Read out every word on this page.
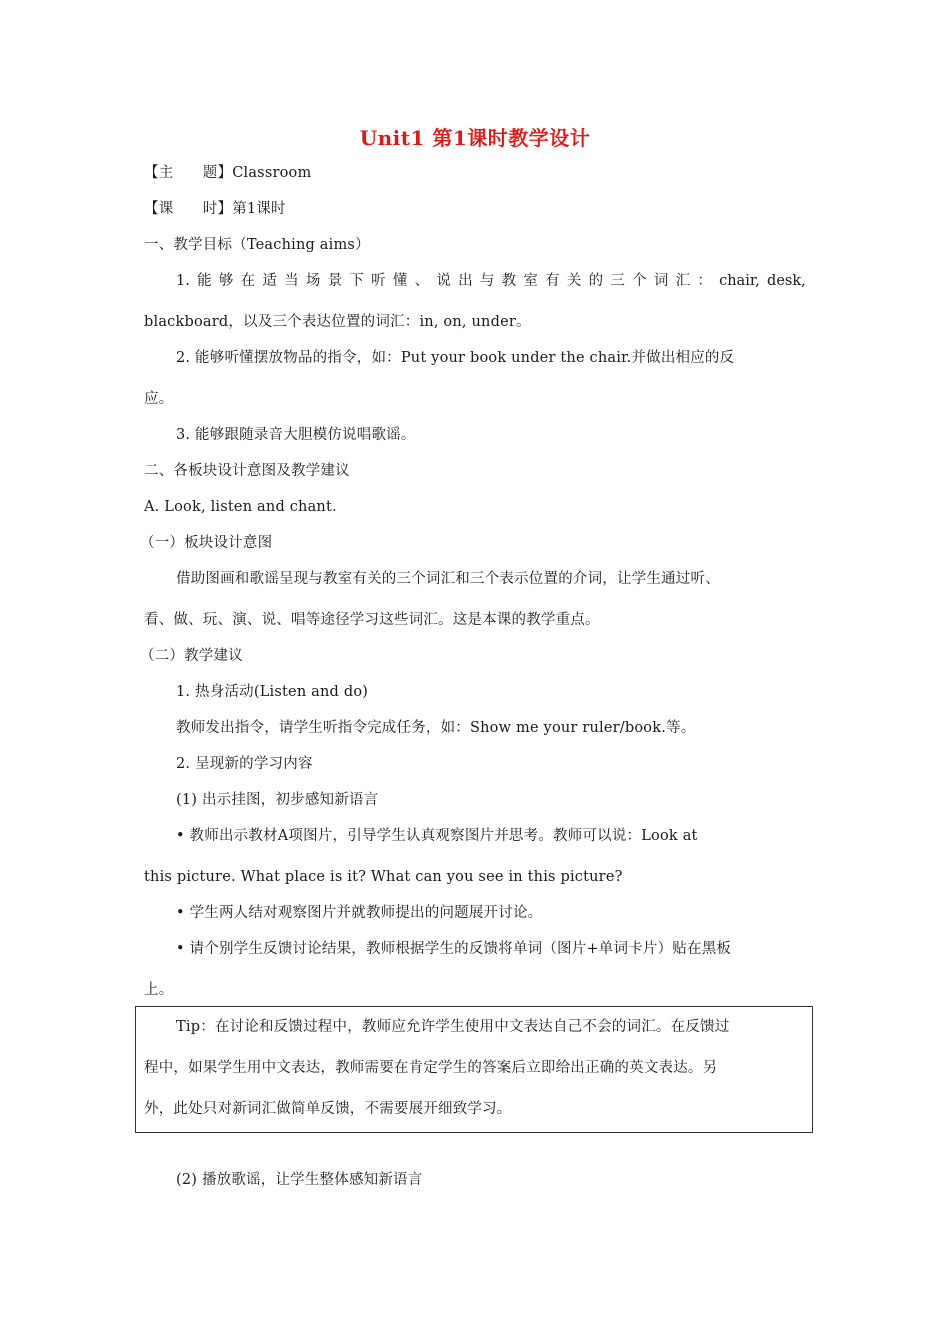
Unit1 第1课时教学设计
【主　　题】Classroom
【课　　时】第1课时
一、教学目标（Teaching aims）
1. 能 够 在 适 当 场 景 下 听 懂 、 说 出 与 教 室 有 关 的 三 个 词 汇 ： chair, desk,
blackboard，以及三个表达位置的词汇：in, on, under。
2. 能够听懂摆放物品的指令，如：Put your book under the chair.并做出相应的反
应。
3. 能够跟随录音大胆模仿说唱歌谣。
二、各板块设计意图及教学建议
A. Look, listen and chant.
（一）板块设计意图
借助图画和歌谣呈现与教室有关的三个词汇和三个表示位置的介词，让学生通过听、
看、做、玩、演、说、唱等途径学习这些词汇。这是本课的教学重点。
（二）教学建议
1. 热身活动(Listen and do)
教师发出指令，请学生听指令完成任务，如：Show me your ruler/book.等。
2. 呈现新的学习内容
(1) 出示挂图，初步感知新语言
• 教师出示教材A项图片，引导学生认真观察图片并思考。教师可以说：Look at
this picture. What place is it? What can you see in this picture?
• 学生两人结对观察图片并就教师提出的问题展开讨论。
• 请个别学生反馈讨论结果，教师根据学生的反馈将单词（图片+单词卡片）贴在黑板
上。
Tip：在讨论和反馈过程中，教师应允许学生使用中文表达自己不会的词汇。在反馈过
程中，如果学生用中文表达，教师需要在肯定学生的答案后立即给出正确的英文表达。另
外，此处只对新词汇做简单反馈，不需要展开细致学习。
(2) 播放歌谣，让学生整体感知新语言
